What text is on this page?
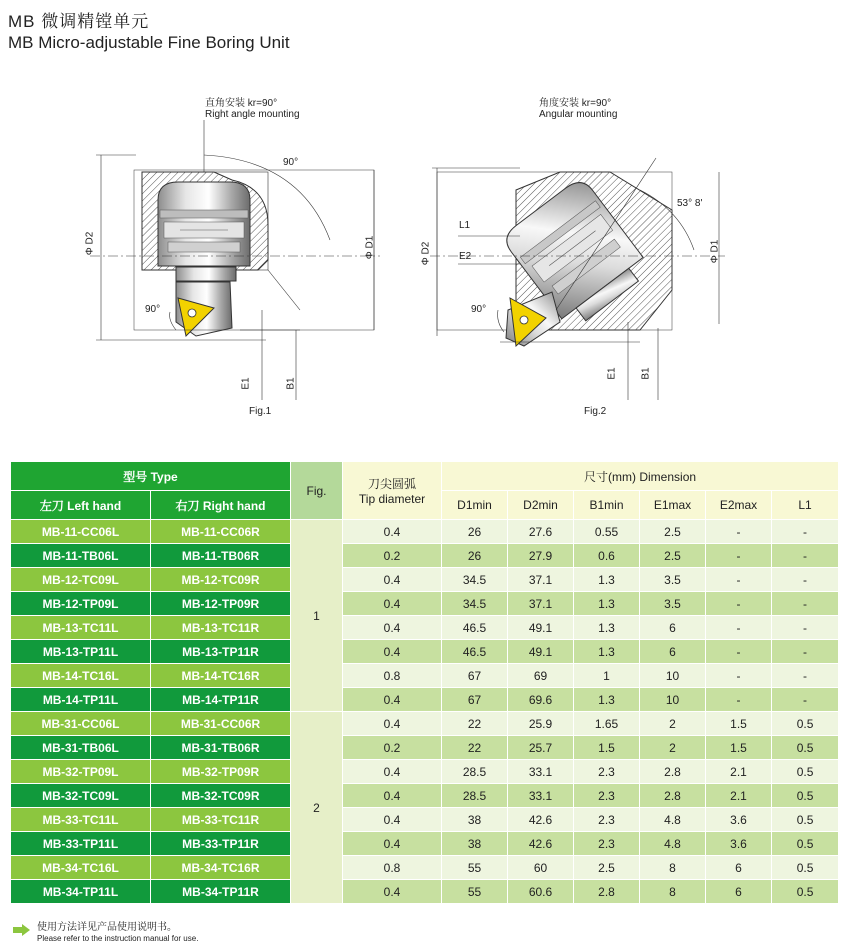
MB 微调精镗单元
MB Micro-adjustable Fine Boring Unit
直角安装 kr=90°
Right angle mounting
90°
90°
Φ D2	Φ D1
E1	B1
Fig.1
角度安装 kr=90°
Angular mounting
53° 8'
90°
L1
E2
Φ D2	Φ D1
E1 B1
Fig.2
型号 Type		Fig.	刀尖圆弧
Tip diameter	尺寸(mm) Dimension					
左刀 Left hand	右刀 Right hand			D1min	D2min	B1min	E1max	E2max	L1
MB-11-CC06L	MB-11-CC06R	1	0.4	26	27.6	0.55	2.5	-	-
MB-11-TB06L	MB-11-TB06R		0.2	26	27.9	0.6	2.5	-	-
MB-12-TC09L	MB-12-TC09R		0.4	34.5	37.1	1.3	3.5	-	-
MB-12-TP09L	MB-12-TP09R		0.4	34.5	37.1	1.3	3.5	-	-
MB-13-TC11L	MB-13-TC11R		0.4	46.5	49.1	1.3	6	-	-
MB-13-TP11L	MB-13-TP11R		0.4	46.5	49.1	1.3	6	-	-
MB-14-TC16L	MB-14-TC16R		0.8	67	69	1	10	-	-
MB-14-TP11L	MB-14-TP11R		0.4	67	69.6	1.3	10	-	-
MB-31-CC06L	MB-31-CC06R	2	0.4	22	25.9	1.65	2	1.5	0.5
MB-31-TB06L	MB-31-TB06R		0.2	22	25.7	1.5	2	1.5	0.5
MB-32-TP09L	MB-32-TP09R		0.4	28.5	33.1	2.3	2.8	2.1	0.5
MB-32-TC09L	MB-32-TC09R		0.4	28.5	33.1	2.3	2.8	2.1	0.5
MB-33-TC11L	MB-33-TC11R		0.4	38	42.6	2.3	4.8	3.6	0.5
MB-33-TP11L	MB-33-TP11R		0.4	38	42.6	2.3	4.8	3.6	0.5
MB-34-TC16L	MB-34-TC16R		0.8	55	60	2.5	8	6	0.5
MB-34-TP11L	MB-34-TP11R		0.4	55	60.6	2.8	8	6	0.5
使用方法详见产品使用说明书。
Please refer to the instruction manual for use.
